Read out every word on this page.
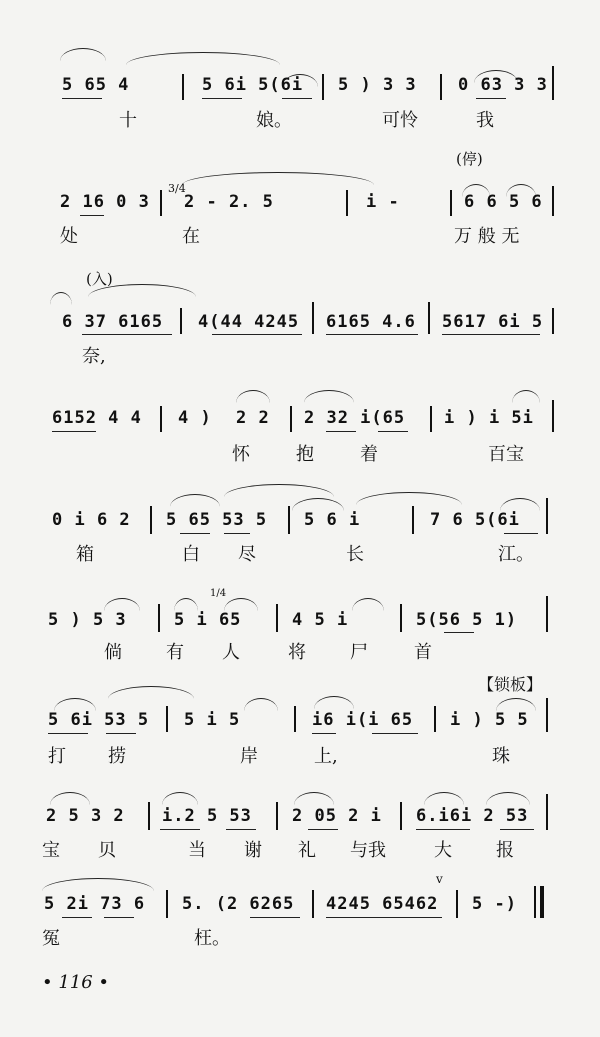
5 65 4	5 6i 5(6i 5 ) 3 3 0 63 3 3
十	娘。	可怜	我
(停)
2 16 0 3
3/4
2 - 2. 5	i -	6 6 5 6
处	在	万 般 无
(入)
6 37 6165 4(44 4245 6165 4.6 5617 6i 5
奈,
6152 4 4 4 ) 2 2 2 32 i(65 i ) i 5i
怀	抱	着	百宝
0 i 6 2 5 65 53 5 5 6 i	7 6 5(6i
箱	白 尽	长	江。
1/4
5 ) 5 3	5 i 65	4 5 i	5(56 5 1)
倘 有 人	将 尸	首
【锁板】
5 6i 53 5 5 i 5	i6 i(i 65 i ) 5 5
打 捞	岸	上,	珠
2 5 3 2 i.2 5 53 2 05 2 i 6.i6i 2 53
宝 贝	当 谢 礼 与我	大 报
v
5 2i 73 6 5. (2 6265 4245 65462 5 -)
冤	枉。
• 116 •
